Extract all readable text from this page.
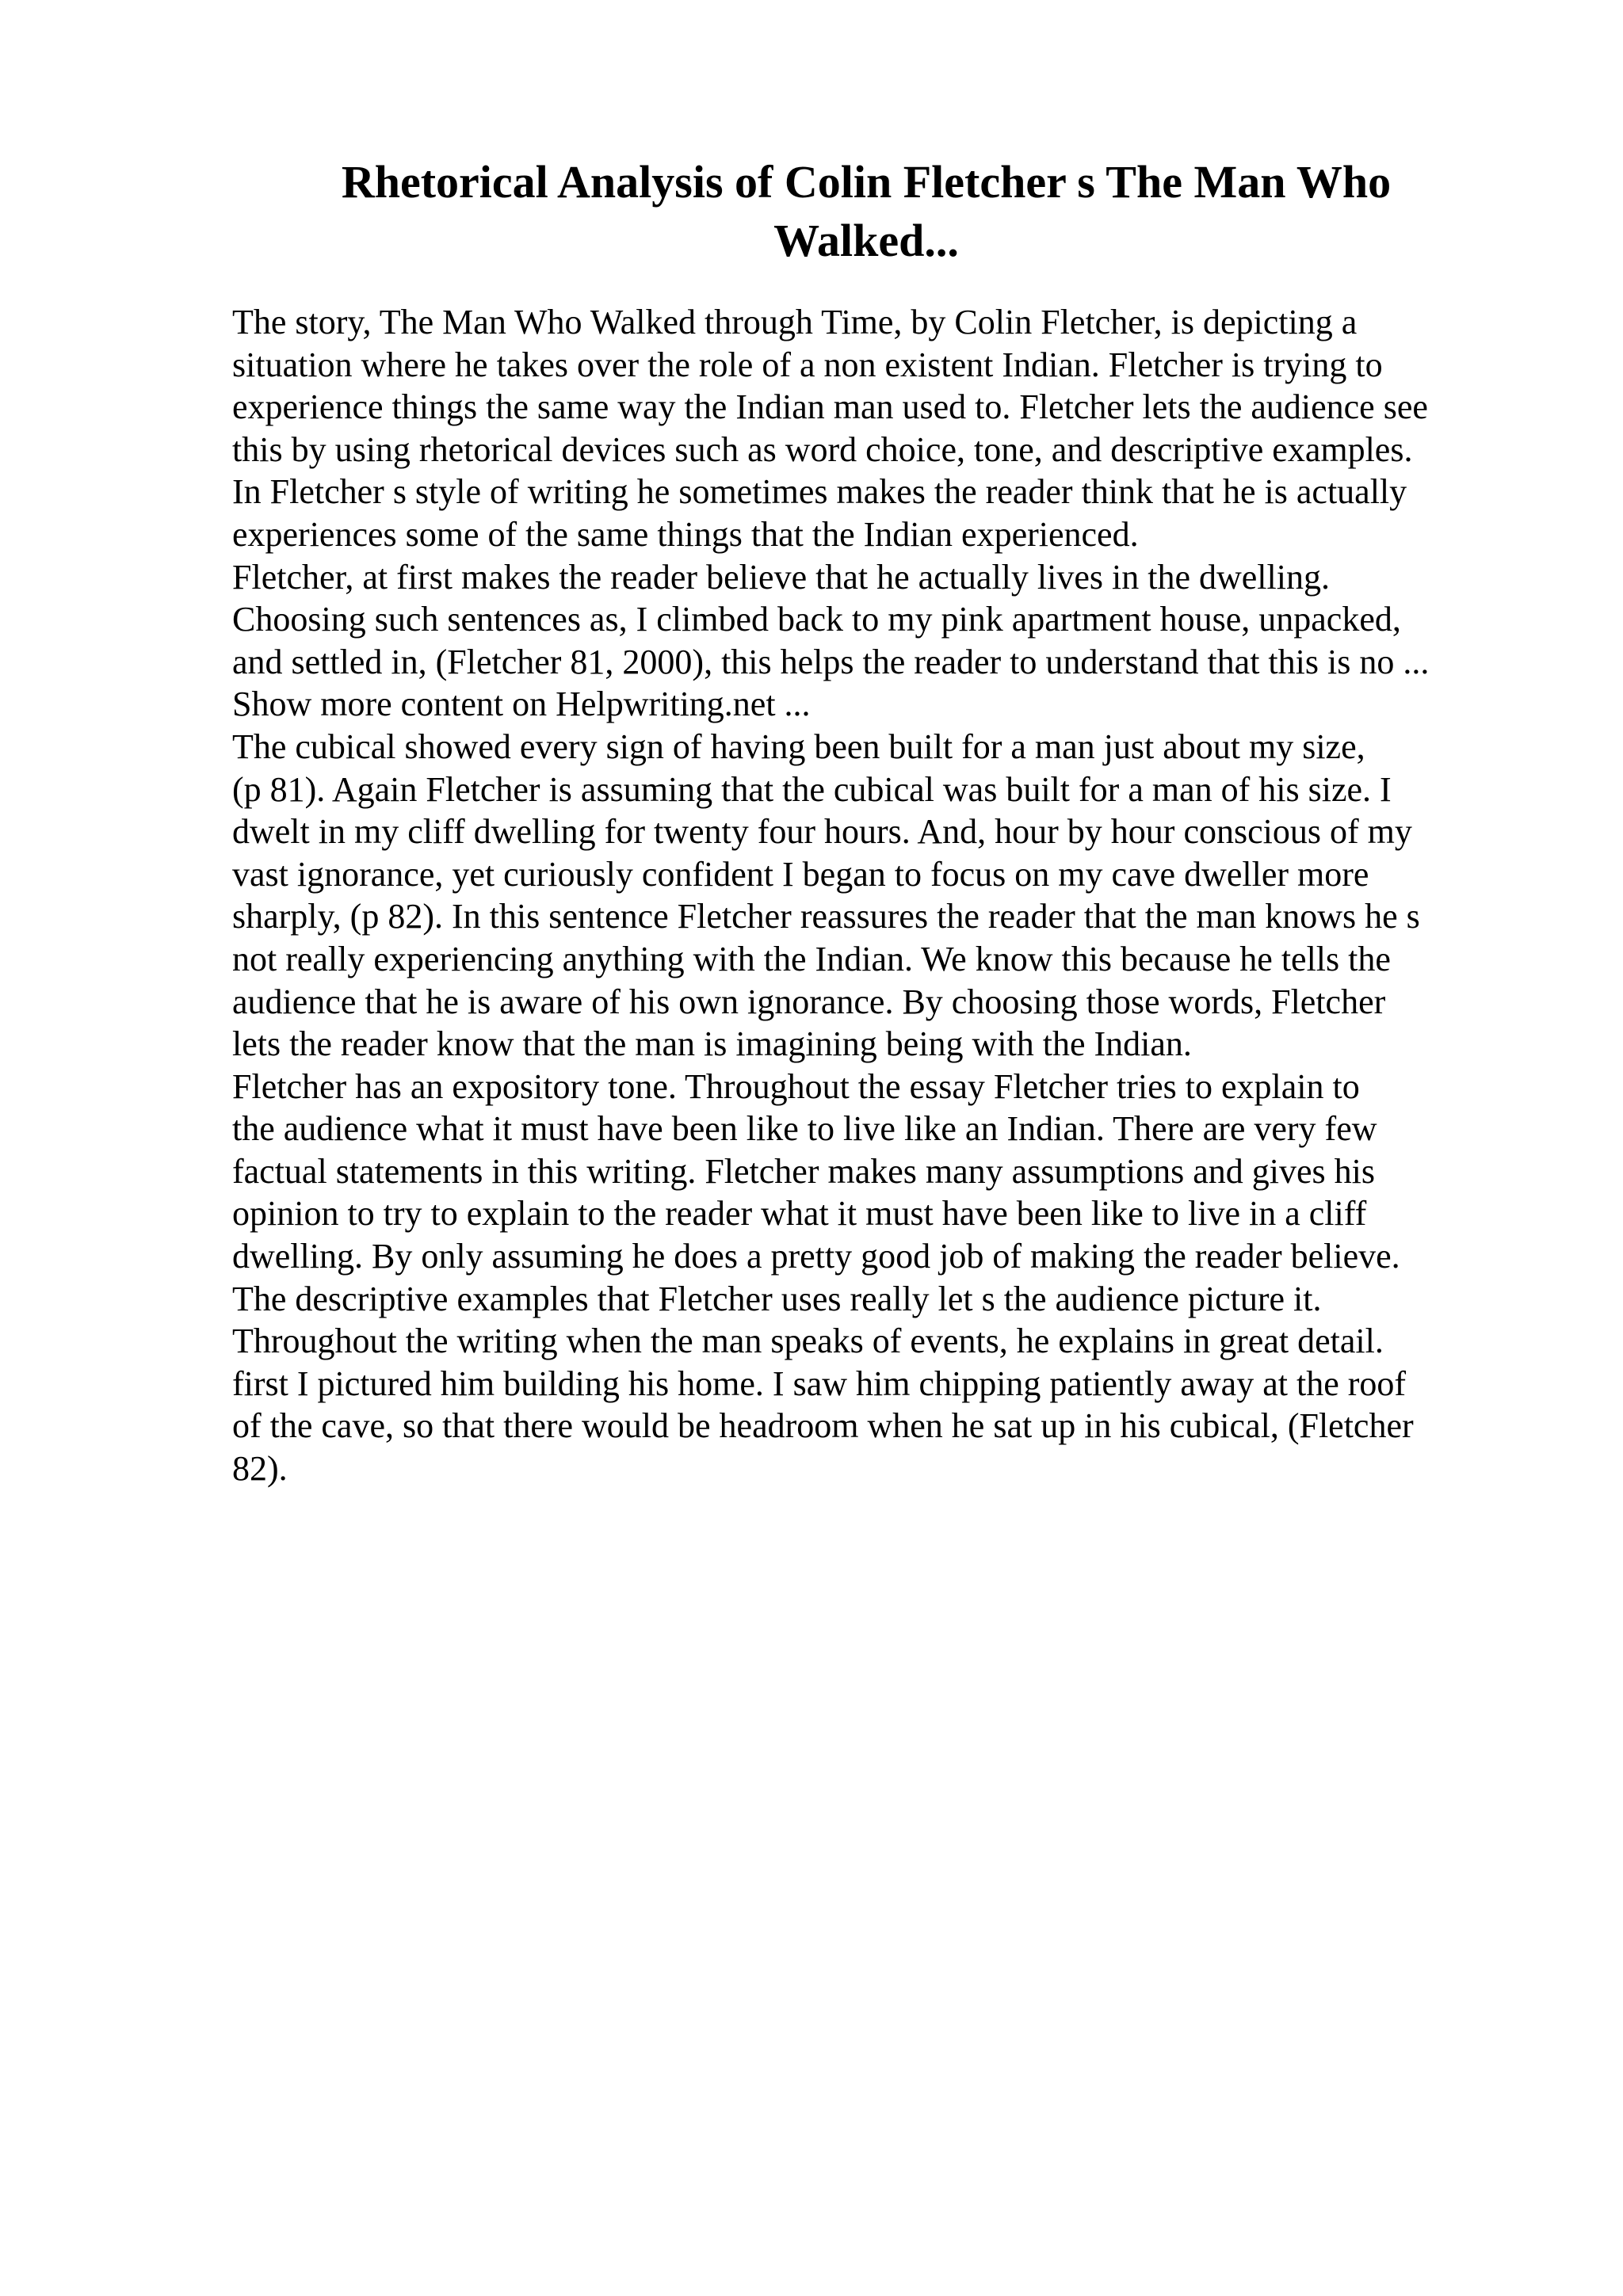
Rhetorical Analysis of Colin Fletcher s The Man Who
Walked...
The story, The Man Who Walked through Time, by Colin Fletcher, is depicting a
situation where he takes over the role of a non existent Indian. Fletcher is trying to
experience things the same way the Indian man used to. Fletcher lets the audience see
this by using rhetorical devices such as word choice, tone, and descriptive examples.
In Fletcher s style of writing he sometimes makes the reader think that he is actually
experiences some of the same things that the Indian experienced.
Fletcher, at first makes the reader believe that he actually lives in the dwelling.
Choosing such sentences as, I climbed back to my pink apartment house, unpacked,
and settled in, (Fletcher 81, 2000), this helps the reader to understand that this is no ...
Show more content on Helpwriting.net ...
The cubical showed every sign of having been built for a man just about my size,
(p 81). Again Fletcher is assuming that the cubical was built for a man of his size. I
dwelt in my cliff dwelling for twenty four hours. And, hour by hour conscious of my
vast ignorance, yet curiously confident I began to focus on my cave dweller more
sharply, (p 82). In this sentence Fletcher reassures the reader that the man knows he s
not really experiencing anything with the Indian. We know this because he tells the
audience that he is aware of his own ignorance. By choosing those words, Fletcher
lets the reader know that the man is imagining being with the Indian.
Fletcher has an expository tone. Throughout the essay Fletcher tries to explain to
the audience what it must have been like to live like an Indian. There are very few
factual statements in this writing. Fletcher makes many assumptions and gives his
opinion to try to explain to the reader what it must have been like to live in a cliff
dwelling. By only assuming he does a pretty good job of making the reader believe.
The descriptive examples that Fletcher uses really let s the audience picture it.
Throughout the writing when the man speaks of events, he explains in great detail.
first I pictured him building his home. I saw him chipping patiently away at the roof
of the cave, so that there would be headroom when he sat up in his cubical, (Fletcher
82).
